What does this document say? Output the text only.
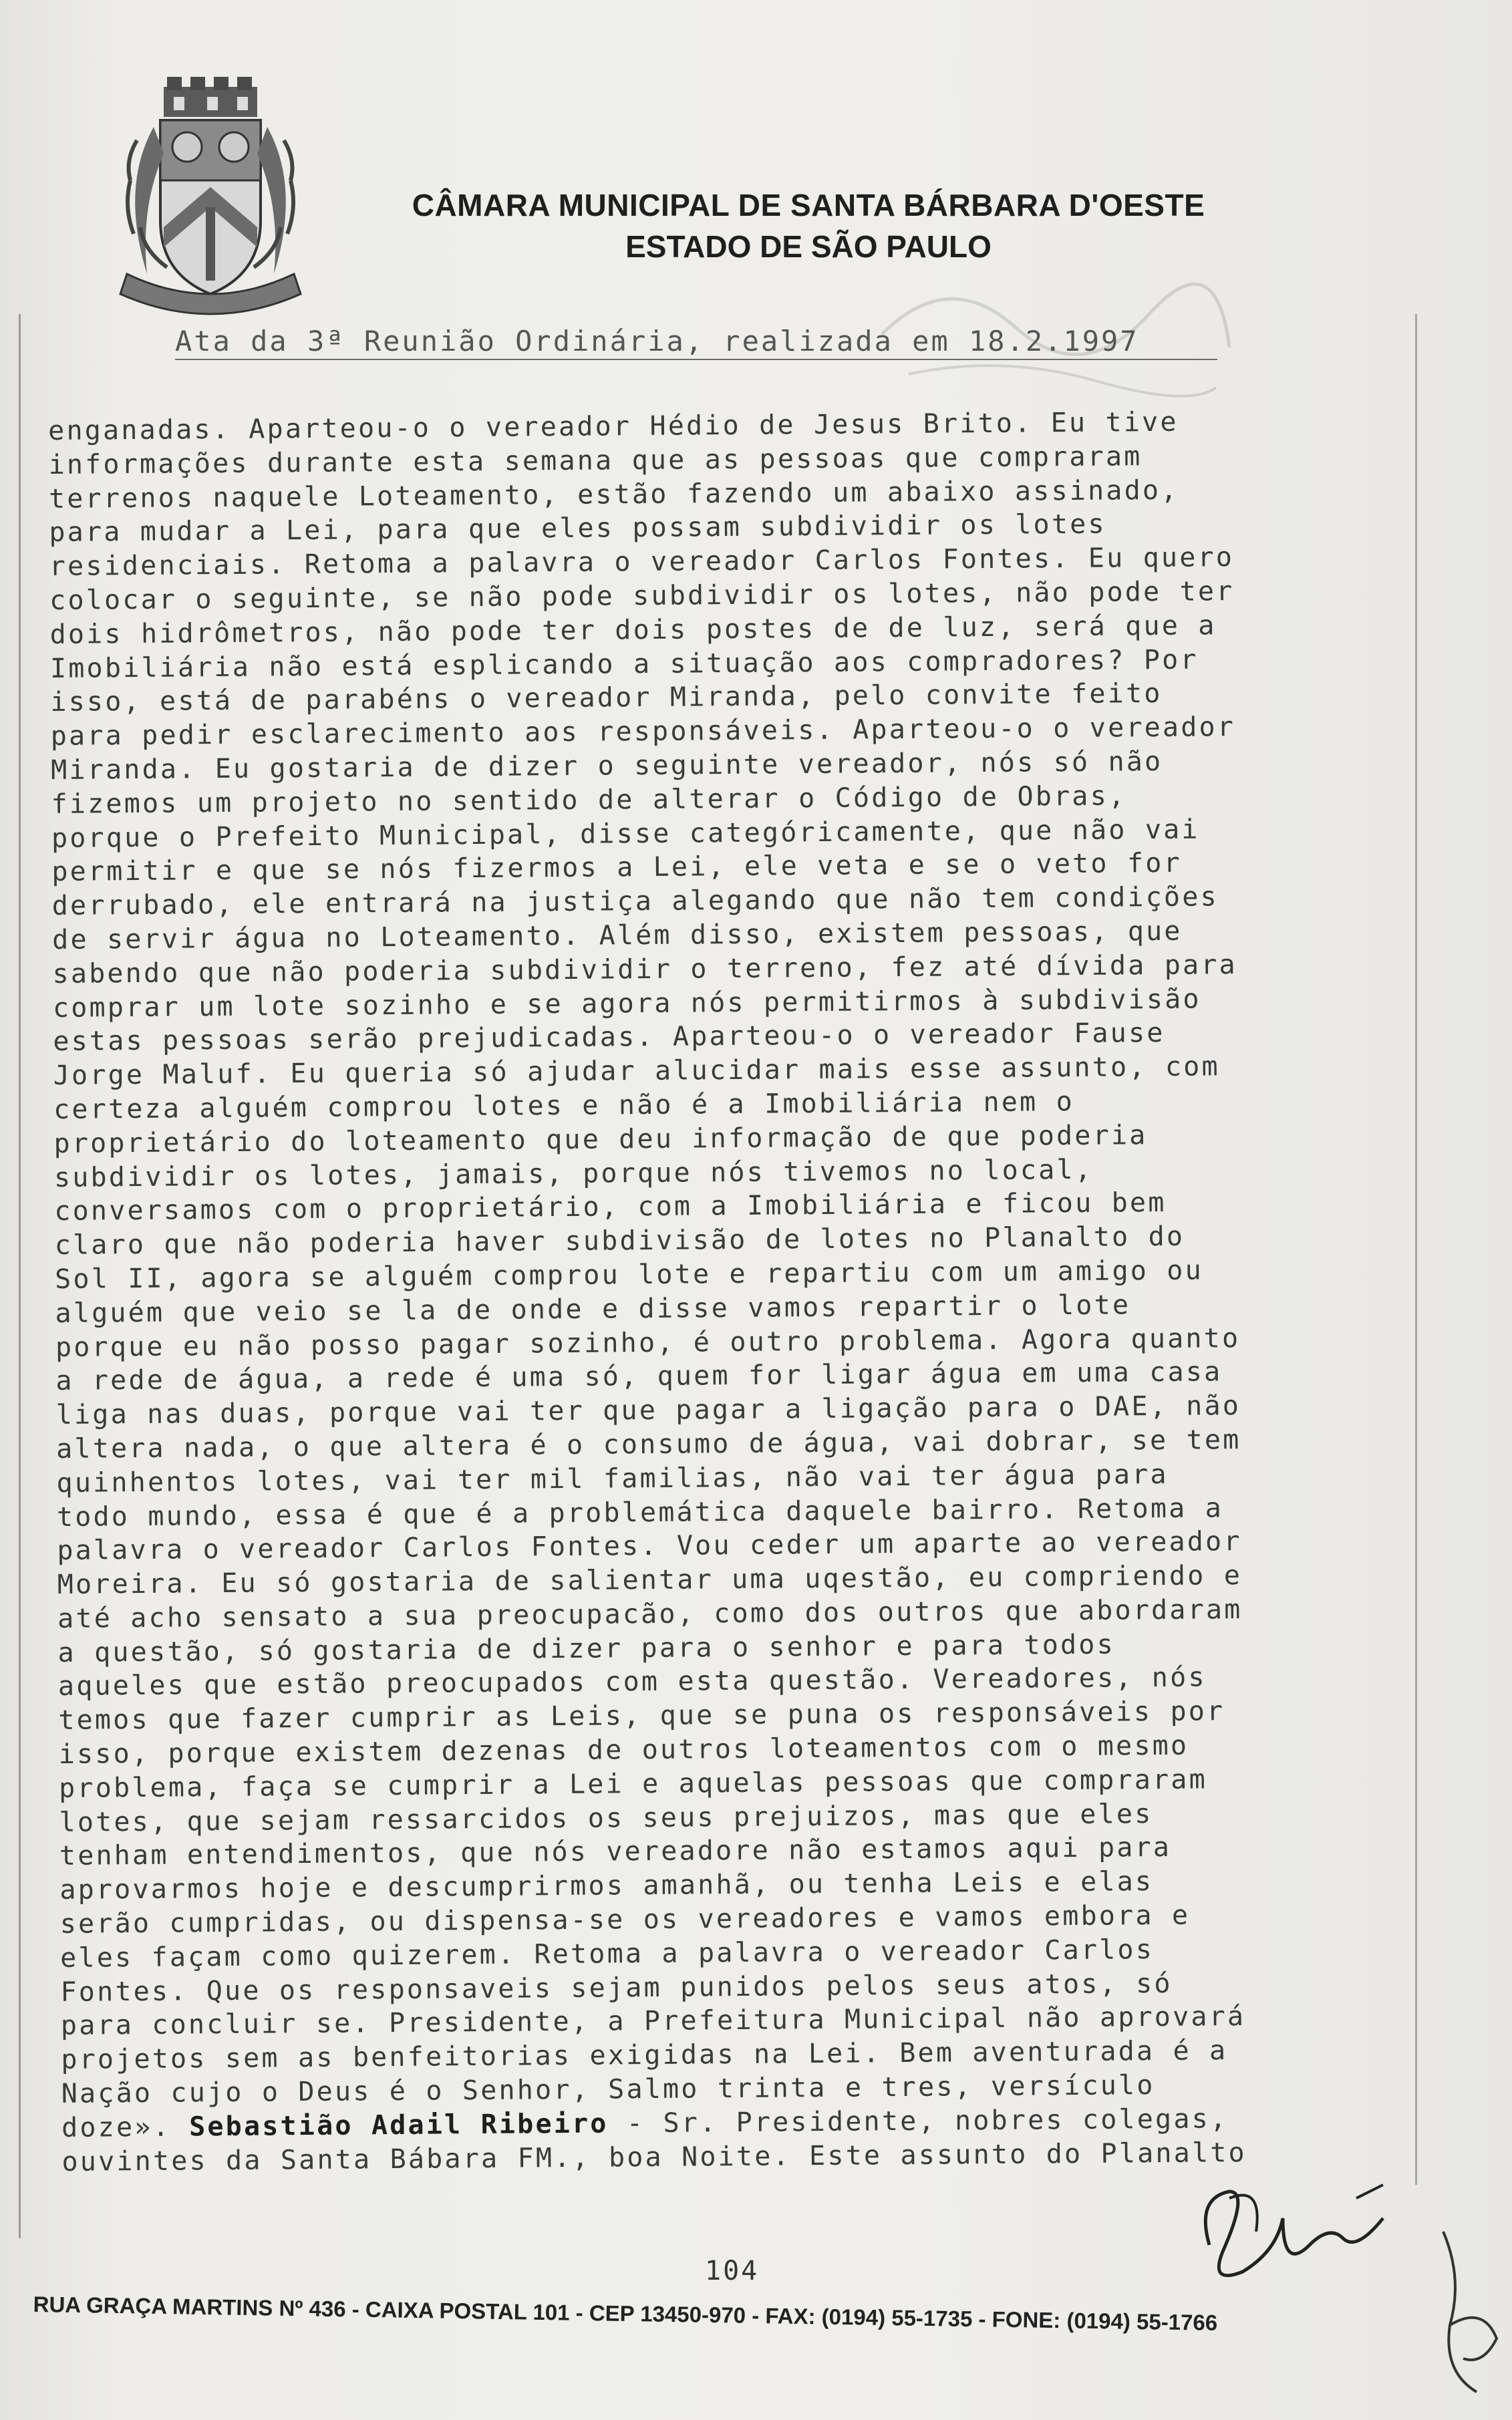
CÂMARA MUNICIPAL DE SANTA BÁRBARA D'OESTE
ESTADO DE SÃO PAULO
Ata da 3ª Reunião Ordinária, realizada em 18.2.1997
enganadas. Aparteou-o o vereador Hédio de Jesus Brito. Eu tive
informações durante esta semana que as pessoas que compraram
terrenos naquele Loteamento, estão fazendo um abaixo assinado,
para mudar a Lei, para que eles possam subdividir os lotes
residenciais. Retoma a palavra o vereador Carlos Fontes. Eu quero
colocar o seguinte, se não pode subdividir os lotes, não pode ter
dois hidrômetros, não pode ter dois postes de de luz, será que a
Imobiliária não está esplicando a situação aos compradores? Por
isso, está de parabéns o vereador Miranda, pelo convite feito
para pedir esclarecimento aos responsáveis. Aparteou-o o vereador
Miranda. Eu gostaria de dizer o seguinte vereador, nós só não
fizemos um projeto no sentido de alterar o Código de Obras,
porque o Prefeito Municipal, disse categóricamente, que não vai
permitir e que se nós fizermos a Lei, ele veta e se o veto for
derrubado, ele entrará na justiça alegando que não tem condições
de servir água no Loteamento. Além disso, existem pessoas, que
sabendo que não poderia subdividir o terreno, fez até dívida para
comprar um lote sozinho e se agora nós permitirmos à subdivisão
estas pessoas serão prejudicadas. Aparteou-o o vereador Fause
Jorge Maluf. Eu queria só ajudar alucidar mais esse assunto, com
certeza alguém comprou lotes e não é a Imobiliária nem o
proprietário do loteamento que deu informação de que poderia
subdividir os lotes, jamais, porque nós tivemos no local,
conversamos com o proprietário, com a Imobiliária e ficou bem
claro que não poderia haver subdivisão de lotes no Planalto do
Sol II, agora se alguém comprou lote e repartiu com um amigo ou
alguém que veio se la de onde e disse vamos repartir o lote
porque eu não posso pagar sozinho, é outro problema. Agora quanto
a rede de água, a rede é uma só, quem for ligar água em uma casa
liga nas duas, porque vai ter que pagar a ligação para o DAE, não
altera nada, o que altera é o consumo de água, vai dobrar, se tem
quinhentos lotes, vai ter mil familias, não vai ter água para
todo mundo, essa é que é a problemática daquele bairro. Retoma a
palavra o vereador Carlos Fontes. Vou ceder um aparte ao vereador
Moreira. Eu só gostaria de salientar uma uqestão, eu compriendo e
até acho sensato a sua preocupacão, como dos outros que abordaram
a questão, só gostaria de dizer para o senhor e para todos
aqueles que estão preocupados com esta questão. Vereadores, nós
temos que fazer cumprir as Leis, que se puna os responsáveis por
isso, porque existem dezenas de outros loteamentos com o mesmo
problema, faça se cumprir a Lei e aquelas pessoas que compraram
lotes, que sejam ressarcidos os seus prejuizos, mas que eles
tenham entendimentos, que nós vereadore não estamos aqui para
aprovarmos hoje e descumprirmos amanhã, ou tenha Leis e elas
serão cumpridas, ou dispensa-se os vereadores e vamos embora e
eles façam como quizerem. Retoma a palavra o vereador Carlos
Fontes. Que os responsaveis sejam punidos pelos seus atos, só
para concluir se. Presidente, a Prefeitura Municipal não aprovará
projetos sem as benfeitorias exigidas na Lei. Bem aventurada é a
Nação cujo o Deus é o Senhor, Salmo trinta e tres, versículo
doze». Sebastião Adail Ribeiro - Sr. Presidente, nobres colegas,
ouvintes da Santa Bábara FM., boa Noite. Este assunto do Planalto
104
RUA GRAÇA MARTINS Nº 436 - CAIXA POSTAL 101 - CEP 13450-970 - FAX: (0194) 55-1735 - FONE: (0194) 55-1766
